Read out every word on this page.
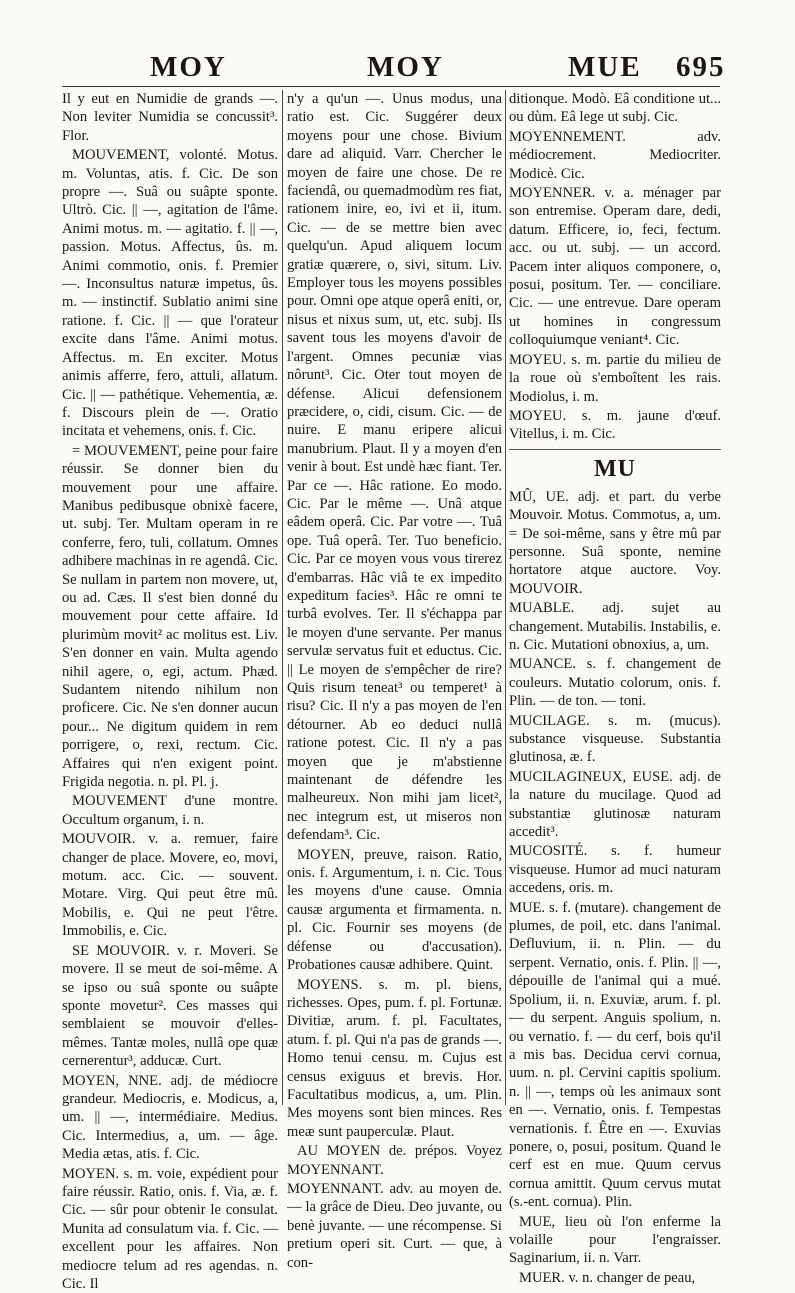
MOY	MOY	MUE 695

Il y eut en Numidie de grands —. Non leviter Numidia se concussit³. Flor.

MOUVEMENT, volonté. Motus. m. Voluntas, atis. f. Cic. De son propre —. Suâ ou suâpte sponte. Ultrò. Cic. || —, agitation de l'âme. Animi motus. m. — agitatio. f. || —, passion. Motus. Affectus, ûs. m. Animi commotio, onis. f. Premier —. Inconsultus naturæ impetus, ûs. m. — instinctif. Sublatio animi sine ratione. f. Cic. || — que l'orateur excite dans l'âme. Animi motus. Affectus. m. En exciter. Motus animis afferre, fero, attuli, allatum. Cic. || — pathétique. Vehementia, æ. f. Discours plein de —. Oratio incitata et vehemens, onis. f. Cic.

= MOUVEMENT, peine pour faire réussir. Se donner bien du mouvement pour une affaire. Manibus pedibusque obnixè facere, ut. subj. Ter. Multam operam in re conferre, fero, tuli, collatum. Omnes adhibere machinas in re agendâ. Cic. Se nullam in partem non movere, ut, ou ad. Cæs. Il s'est bien donné du mouvement pour cette affaire. Id plurimùm movit² ac molitus est. Liv. S'en donner en vain. Multa agendo nihil agere, o, egi, actum. Phæd. Sudantem nitendo nihilum non proficere. Cic. Ne s'en donner aucun pour... Ne digitum quidem in rem porrigere, o, rexi, rectum. Cic. Affaires qui n'en exigent point. Frigida negotia. n. pl. Pl. j.

MOUVEMENT d'une montre. Occultum organum, i. n.

MOUVOIR. v. a. remuer, faire changer de place. Movere, eo, movi, motum. acc. Cic. — souvent. Motare. Virg. Qui peut être mû. Mobilis, e. Qui ne peut l'être. Immobilis, e. Cic.

SE MOUVOIR. v. r. Moveri. Se movere. Il se meut de soi-même. A se ipso ou suâ sponte ou suâpte sponte movetur². Ces masses qui semblaient se mouvoir d'elles-mêmes. Tantæ moles, nullâ ope quæ cernerentur³, adducæ. Curt.

MOYEN, NNE. adj. de médiocre grandeur. Mediocris, e. Modicus, a, um. || —, intermédiaire. Medius. Cic. Intermedius, a, um. — âge. Media ætas, atis. f. Cic.

MOYEN. s. m. voie, expédient pour faire réussir. Ratio, onis. f. Via, æ. f. Cic. — sûr pour obtenir le consulat. Munita ad consulatum via. f. Cic. — excellent pour les affaires. Non mediocre telum ad res agendas. n. Cic. Il

n'y a qu'un —. Unus modus, una ratio est. Cic. Suggérer deux moyens pour une chose. Bivium dare ad aliquid. Varr. Chercher le moyen de faire une chose. De re faciendâ, ou quemadmodùm res fiat, rationem inire, eo, ivi et ii, itum. Cic. — de se mettre bien avec quelqu'un. Apud aliquem locum gratiæ quærere, o, sivi, situm. Liv. Employer tous les moyens possibles pour. Omni ope atque operâ eniti, or, nisus et nixus sum, ut, etc. subj. Ils savent tous les moyens d'avoir de l'argent. Omnes pecuniæ vias nôrunt³. Cic. Oter tout moyen de défense. Alicui defensionem præcidere, o, cidi, cisum. Cic. — de nuire. E manu eripere alicui manubrium. Plaut. Il y a moyen d'en venir à bout. Est undè hæc fiant. Ter. Par ce —. Hâc ratione. Eo modo. Cic. Par le même —. Unâ atque eâdem operâ. Cic. Par votre —. Tuâ ope. Tuâ operâ. Ter. Tuo beneficio. Cic. Par ce moyen vous vous tirerez d'embarras. Hâc viâ te ex impedito expeditum facies³. Hâc re omni te turbâ evolves. Ter. Il s'échappa par le moyen d'une servante. Per manus servulæ servatus fuit et eductus. Cic. || Le moyen de s'empêcher de rire? Quis risum teneat³ ou temperet¹ à risu? Cic. Il n'y a pas moyen de l'en détourner. Ab eo deduci nullâ ratione potest. Cic. Il n'y a pas moyen que je m'abstienne maintenant de défendre les malheureux. Non mihi jam licet², nec integrum est, ut miseros non defendam³. Cic.

MOYEN, preuve, raison. Ratio, onis. f. Argumentum, i. n. Cic. Tous les moyens d'une cause. Omnia causæ argumenta et firmamenta. n. pl. Cic. Fournir ses moyens (de défense ou d'accusation). Probationes causæ adhibere. Quint.

MOYENS. s. m. pl. biens, richesses. Opes, pum. f. pl. Fortunæ. Divitiæ, arum. f. pl. Facultates, atum. f. pl. Qui n'a pas de grands —. Homo tenui censu. m. Cujus est census exiguus et brevis. Hor. Facultatibus modicus, a, um. Plin. Mes moyens sont bien minces. Res meæ sunt pauperculæ. Plaut.

AU MOYEN de. prépos. Voyez MOYENNANT.

MOYENNANT. adv. au moyen de. — la grâce de Dieu. Deo juvante, ou benè juvante. — une récompense. Si pretium operi sit. Curt. — que, à con-

ditionque. Modò. Eâ conditione ut... ou dùm. Eâ lege ut subj. Cic.

MOYENNEMENT. adv. médiocrement. Mediocriter. Modicè. Cic.

MOYENNER. v. a. ménager par son entremise. Operam dare, dedi, datum. Efficere, io, feci, fectum. acc. ou ut. subj. — un accord. Pacem inter aliquos componere, o, posui, positum. Ter. — conciliare. Cic. — une entrevue. Dare operam ut homines in congressum colloquiumque veniant⁴. Cic.

MOYEU. s. m. partie du milieu de la roue où s'emboîtent les rais. Modiolus, i. m.

MOYEU. s. m. jaune d'œuf. Vitellus, i. m. Cic.

MU

MÛ, UE. adj. et part. du verbe Mouvoir. Motus. Commotus, a, um. = De soi-même, sans y être mû par personne. Suâ sponte, nemine hortatore atque auctore. Voy. MOUVOIR.

MUABLE. adj. sujet au changement. Mutabilis. Instabilis, e. n. Cic. Mutationi obnoxius, a, um.

MUANCE. s. f. changement de couleurs. Mutatio colorum, onis. f. Plin. — de ton. — toni.

MUCILAGE. s. m. (mucus). substance visqueuse. Substantia glutinosa, æ. f.

MUCILAGINEUX, EUSE. adj. de la nature du mucilage. Quod ad substantiæ glutinosæ naturam accedit³.

MUCOSITÉ. s. f. humeur visqueuse. Humor ad muci naturam accedens, oris. m.

MUE. s. f. (mutare). changement de plumes, de poil, etc. dans l'animal. Defluvium, ii. n. Plin. — du serpent. Vernatio, onis. f. Plin. || —, dépouille de l'animal qui a mué. Spolium, ii. n. Exuviæ, arum. f. pl. — du serpent. Anguis spolium, n. ou vernatio. f. — du cerf, bois qu'il a mis bas. Decidua cervi cornua, uum. n. pl. Cervini capitis spolium. n. || —, temps où les animaux sont en —. Vernatio, onis. f. Tempestas vernationis. f. Être en —. Exuvias ponere, o, posui, positum. Quand le cerf est en mue. Quum cervus cornua amittit. Quum cervus mutat (s.-ent. cornua). Plin.

MUE, lieu où l'on enferme la volaille pour l'engraisser. Saginarium, ii. n. Varr.

MUER. v. n. changer de peau,
